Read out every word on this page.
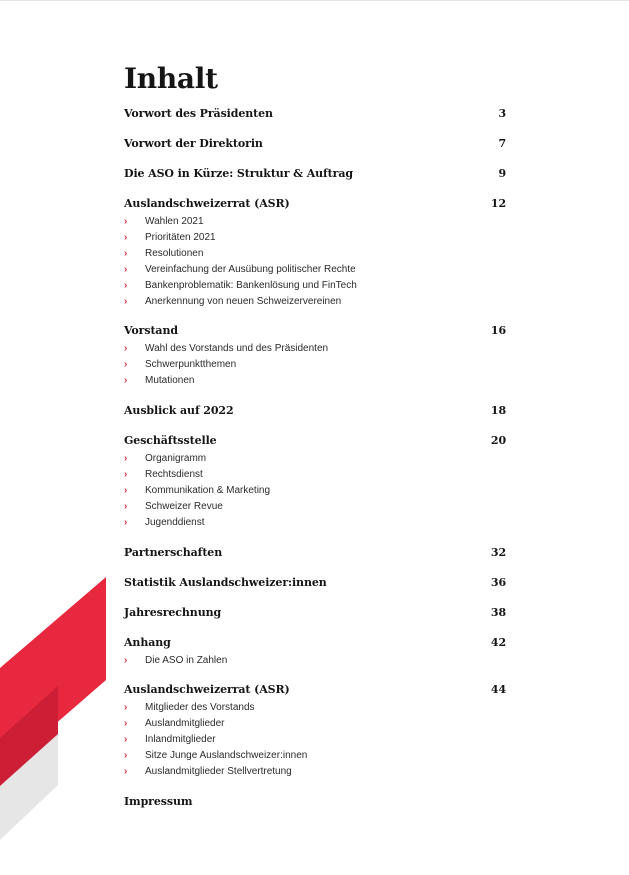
Inhalt
Vorwort des Präsidenten	3
Vorwort der Direktorin	7
Die ASO in Kürze: Struktur & Auftrag	9
Auslandschweizerrat (ASR)	12
› Wahlen 2021
› Prioritäten 2021
› Resolutionen
› Vereinfachung der Ausübung politischer Rechte
› Bankenproblematik: Bankenlösung und FinTech
› Anerkennung von neuen Schweizervereinen
Vorstand	16
› Wahl des Vorstands und des Präsidenten
› Schwerpunktthemen
› Mutationen
Ausblick auf 2022	18
Geschäftsstelle	20
› Organigramm
› Rechtsdienst
› Kommunikation & Marketing
› Schweizer Revue
› Jugenddienst
Partnerschaften	32
Statistik Auslandschweizer:innen	36
Jahresrechnung	38
Anhang	42
› Die ASO in Zahlen
Auslandschweizerrat (ASR)	44
› Mitglieder des Vorstands
› Auslandmitglieder
› Inlandmitglieder
› Sitze Junge Auslandschweizer:innen
› Auslandmitglieder Stellvertretung
Impressum
